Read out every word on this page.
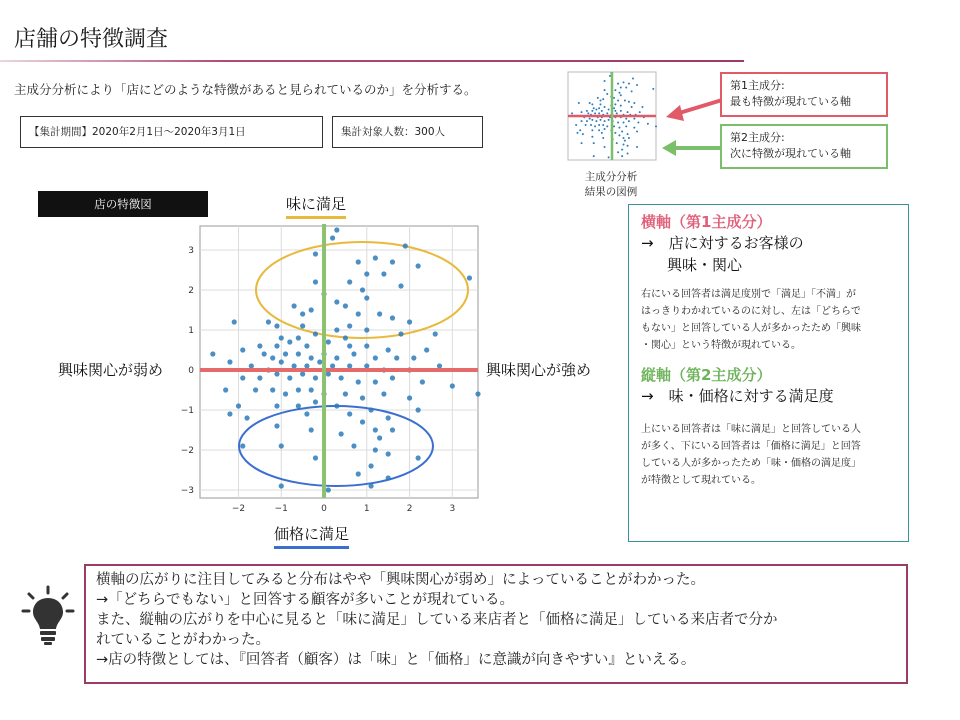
店舗の特徴調査
主成分分析により「店にどのような特徴があると見られているのか」を分析する。
【集計期間】2020年2月1日〜2020年3月1日	集計対象人数：300人
主成分分析
結果の図例
第1主成分:
最も特徴が現れている軸
第2主成分:
次に特徴が現れている軸
店の特徴図	味に満足
価格に満足
興味関心が弱め	興味関心が強め
−2	−1	0	1	2	3
3
2
1
0
−1
−2
−3
横軸（第1主成分）
→　店に対するお客様の
興味・関心
右にいる回答者は満足度別で「満足」「不満」が
はっきりわかれているのに対し、左は「どちらで
もない」と回答している人が多かったため「興味
・関心」という特徴が現れている。
縦軸（第2主成分）
→　味・価格に対する満足度
上にいる回答者は「味に満足」と回答している人
が多く、下にいる回答者は「価格に満足」と回答
している人が多かったため「味・価格の満足度」
が特徴として現れている。
横軸の広がりに注目してみると分布はやや「興味関心が弱め」によっていることがわかった。
→「どちらでもない」と回答する顧客が多いことが現れている。
また、縦軸の広がりを中心に見ると「味に満足」している来店者と「価格に満足」している来店者で分か
れていることがわかった。
→店の特徴としては、『回答者（顧客）は「味」と「価格」に意識が向きやすい』といえる。
